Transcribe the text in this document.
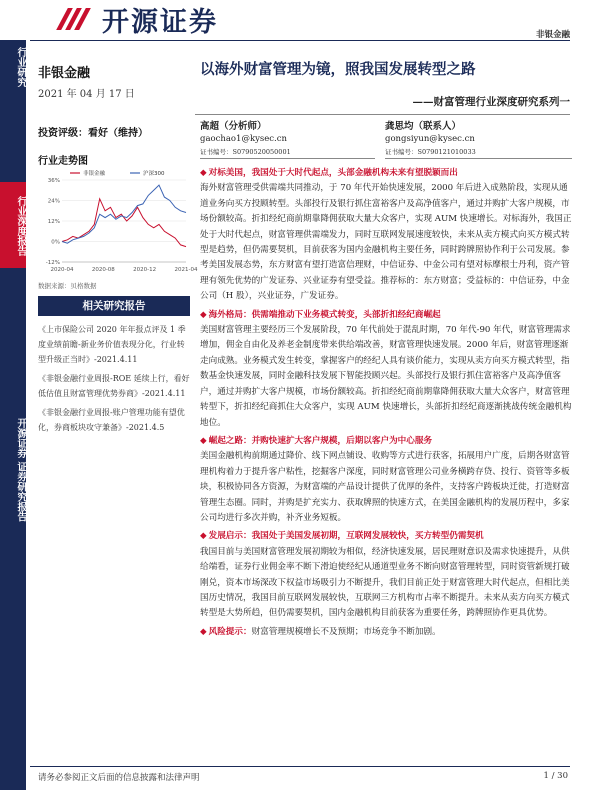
开源证券	非银金融
行业研究
行业深度报告
开源证券 证券研究报告
非银金融
2021 年 04 月 17 日
投资评级：看好（维持）
行业走势图
36%
24%
12%
0%
-12%
2020-04	2020-08	2020-12	2021-04
非银金融	沪深300
数据来源：贝格数据
相关研究报告

《上市保险公司 2020 年年报点评及 1 季度业绩前瞻-新业务价值表现分化，行业转型升级正当时》-2021.4.11

《非银金融行业周报-ROE 延续上行，看好低估值且财富管理优势券商》-2021.4.11

《非银金融行业周报-账户管理功能有望优化，券商板块攻守兼备》-2021.4.5

以海外财富管理为镜，照我国发展转型之路
——财富管理行业深度研究系列一
高超（分析师）
gaochao1@kysec.cn
证书编号：S0790520050001
龚思均（联系人）
gongsiyun@kysec.cn
证书编号：S0790121010033
◆ 对标美国，我国处于大时代起点，头部金融机构未来有望脱颖而出
海外财富管理受供需端共同推动，于 70 年代开始快速发展，2000 年后进入成熟阶段，实现从通道业务向买方投顾转型。头部投行及银行抓住富裕客户及高净值客户，通过并购扩大客户规模，市场份额较高。折扣经纪商前期靠降佣获取大量大众客户，实现 AUM 快速增长。对标海外，我国正处于大时代起点，财富管理供需端发力，同时互联网发展速度较快，未来从卖方模式向买方模式转型是趋势，但仍需要契机，目前获客为国内金融机构主要任务，同时跨牌照协作利于公司发展。参考美国发展态势，东方财富有望打造富信理财，中信证券、中金公司有望对标摩根士丹利，资产管理有领先优势的广发证券、兴业证券有望受益。推荐标的：东方财富；受益标的：中信证券，中金公司（H 股），兴业证券，广发证券。
◆ 海外格局：供需端推动下业务模式转变，头部折扣经纪商崛起
美国财富管理主要经历三个发展阶段，70 年代前处于混乱时期，70 年代-90 年代，财富管理需求增加，佣金自由化及养老金制度带来供给端改善，财富管理快速发展。2000 年后，财富管理逐渐走向成熟。业务模式发生转变，掌握客户的经纪人具有谈价能力，实现从卖方向买方模式转型，指数基金快速发展，同时金融科技发展下智能投顾兴起。头部投行及银行抓住富裕客户及高净值客户，通过并购扩大客户规模，市场份额较高。折扣经纪商前期靠降佣获取大量大众客户，财富管理转型下，折扣经纪商抓住大众客户，实现 AUM 快速增长，头部折扣经纪商逐渐挑战传统金融机构地位。
◆ 崛起之路：并购快速扩大客户规模，后期以客户为中心服务
美国金融机构前期通过降价、线下网点铺设、收购等方式进行获客，拓展用户广度，后期各财富管理机构着力于提升客户粘性，挖掘客户深度，同时财富管理公司业务横跨存贷、投行、资管等多板块，积极协同各方资源，为财富端的产品设计提供了优厚的条件，支持客户跨板块迁徙，打造财富管理生态圈。同时，并购是扩充实力、获取牌照的快速方式，在美国金融机构的发展历程中，多家公司均进行多次并购，补齐业务短板。
◆ 发展启示：我国处于美国发展初期，互联网发展较快，买方转型仍需契机
我国目前与美国财富管理发展初期较为相似，经济快速发展，居民理财意识及需求快速提升，从供给端看，证券行业佣金率不断下滑迫使经纪从通道型业务不断向财富管理转型，同时资管新规打破刚兑，资本市场深改下权益市场吸引力不断提升，我们目前正处于财富管理大时代起点，但相比美国历史情况，我国目前互联网发展较快，互联网三方机构市占率不断提升。未来从卖方向买方模式转型是大势所趋，但仍需要契机，国内金融机构目前获客为重要任务，跨牌照协作更具优势。
◆ 风险提示：财富管理规模增长不及预期；市场竞争不断加剧。
请务必参阅正文后面的信息披露和法律声明	1 / 30
